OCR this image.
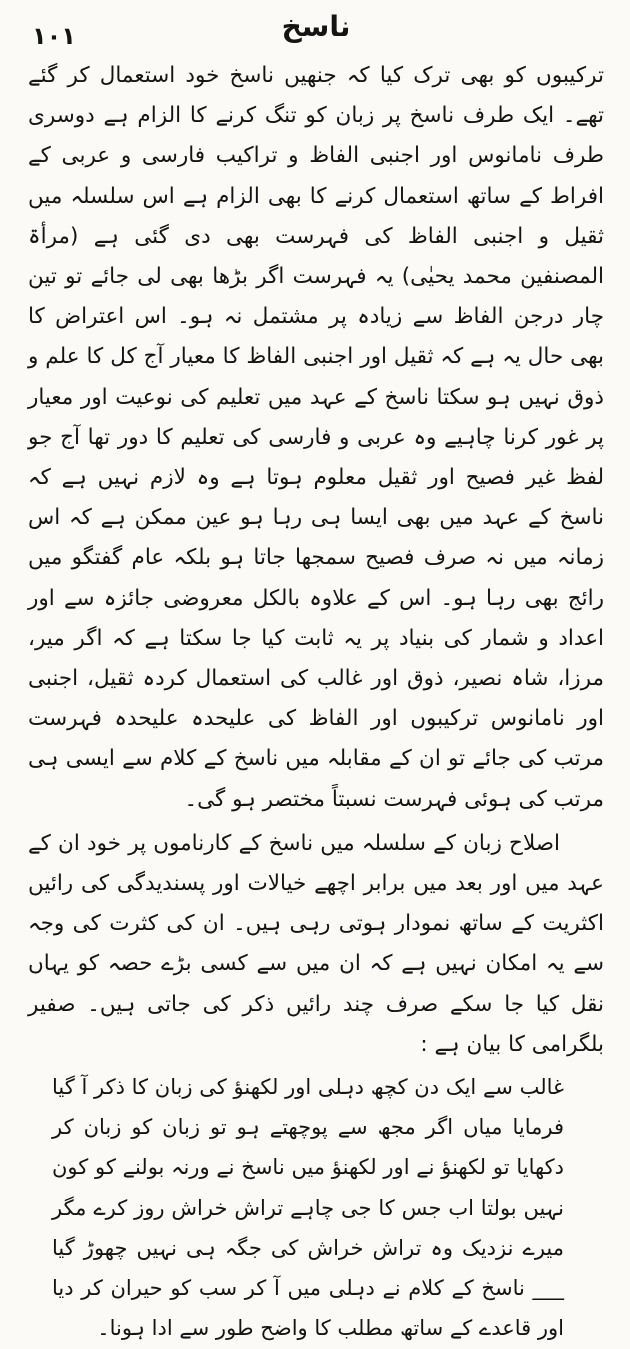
۱۰۱	ناسخ

ترکیبوں کو بھی ترک کیا کہ جنھیں ناسخ خود استعمال کر گئے تھے۔ ایک طرف ناسخ پر زبان کو تنگ کرنے کا الزام ہے دوسری طرف نامانوس اور اجنبی الفاظ و تراکیب فارسی و عربی کے افراط کے ساتھ استعمال کرنے کا بھی الزام ہے اس سلسلہ میں ثقیل و اجنبی الفاظ کی فہرست بھی دی گئی ہے (مرأۃ المصنفین محمد یحیٰی) یہ فہرست اگر بڑھا بھی لی جائے تو تین چار درجن الفاظ سے زیادہ پر مشتمل نہ ہو۔ اس اعتراض کا بھی حال یہ ہے کہ ثقیل اور اجنبی الفاظ کا معیار آج کل کا علم و ذوق نہیں ہو سکتا ناسخ کے عہد میں تعلیم کی نوعیت اور معیار پر غور کرنا چاہیے وہ عربی و فارسی کی تعلیم کا دور تھا آج جو لفظ غیر فصیح اور ثقیل معلوم ہوتا ہے وہ لازم نہیں ہے کہ ناسخ کے عہد میں بھی ایسا ہی رہا ہو عین ممکن ہے کہ اس زمانہ میں نہ صرف فصیح سمجھا جاتا ہو بلکہ عام گفتگو میں رائج بھی رہا ہو۔ اس کے علاوہ بالکل معروضی جائزہ سے اور اعداد و شمار کی بنیاد پر یہ ثابت کیا جا سکتا ہے کہ اگر میر، مرزا، شاہ نصیر، ذوق اور غالب کی استعمال کردہ ثقیل، اجنبی اور نامانوس ترکیبوں اور الفاظ کی علیحدہ علیحدہ فہرست مرتب کی جائے تو ان کے مقابلہ میں ناسخ کے کلام سے ایسی ہی مرتب کی ہوئی فہرست نسبتاً مختصر ہو گی۔

اصلاح زبان کے سلسلہ میں ناسخ کے کارناموں پر خود ان کے عہد میں اور بعد میں برابر اچھے خیالات اور پسندیدگی کی رائیں اکثریت کے ساتھ نمودار ہوتی رہی ہیں۔ ان کی کثرت کی وجہ سے یہ امکان نہیں ہے کہ ان میں سے کسی بڑے حصہ کو یہاں نقل کیا جا سکے صرف چند رائیں ذکر کی جاتی ہیں۔ صفیر بلگرامی کا بیان ہے :

غالب سے ایک دن کچھ دہلی اور لکھنؤ کی زبان کا ذکر آ گیا فرمایا میاں اگر مجھ سے پوچھتے ہو تو زبان کو زبان کر دکھایا تو لکھنؤ نے اور لکھنؤ میں ناسخ نے ورنہ بولنے کو کون نہیں بولتا اب جس کا جی چاہے تراش خراش روز کرے مگر میرے نزدیک وہ تراش خراش کی جگہ ہی نہیں چھوڑ گیا ___ ناسخ کے کلام نے دہلی میں آ کر سب کو حیران کر دیا اور قاعدے کے ساتھ مطلب کا واضح طور سے ادا ہونا۔
